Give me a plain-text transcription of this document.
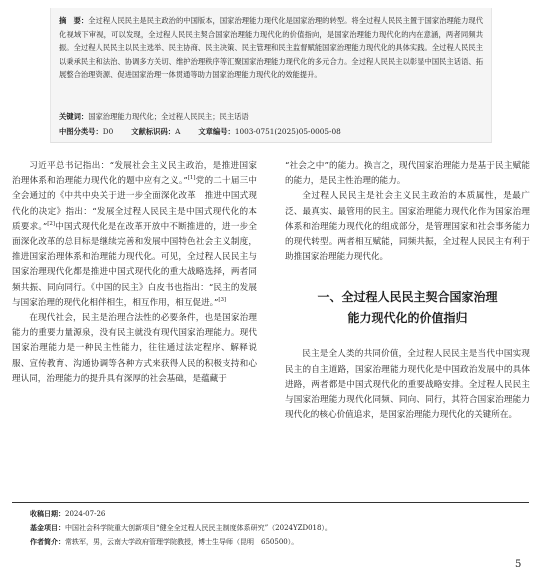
摘　要：全过程人民民主是民主政治的中国版本，国家治理能力现代化是国家治理的转型。将全过程人民民主置于国家治理能力现代化视域下审视，可以发现，全过程人民民主契合国家治理能力现代化的价值指向，是国家治理能力现代化的内在意涵，两者同频共振。全过程人民民主以民主选举、民主协商、民主决策、民主管理和民主监督赋能国家治理能力现代化的具体实践。全过程人民民主以秉承民主和法治、协调多方关切、维护治理秩序等汇聚国家治理能力现代化的多元合力。全过程人民民主以彰显中国民主话语、拓展整合治理资源、促进国家治理一体贯通等助力国家治理能力现代化的效能提升。

关键词：国家治理能力现代化；全过程人民民主；民主话语

中图分类号：D0 文献标识码：A 文章编号：1003-0751(2025)05-0005-08

习近平总书记指出：“发展社会主义民主政治，是推进国家治理体系和治理能力现代化的题中应有之义。”[1]党的二十届三中全会通过的《中共中央关于进一步全面深化改革　推进中国式现代化的决定》指出：“发展全过程人民民主是中国式现代化的本质要求。”[2]中国式现代化是在改革开放中不断推进的，进一步全面深化改革的总目标是继续完善和发展中国特色社会主义制度，推进国家治理体系和治理能力现代化。可见，全过程人民民主与国家治理现代化都是推进中国式现代化的重大战略选择，两者同频共振、同向同行。《中国的民主》白皮书也指出：“民主的发展与国家治理的现代化相伴相生，相互作用，相互促进。”[3]

在现代社会，民主是治理合法性的必要条件，也是国家治理能力的重要力量源泉，没有民主就没有现代国家治理能力。现代国家治理能力是一种民主性能力，往往通过法定程序、解释说服、宣传教育、沟通协调等各种方式来获得人民的积极支持和心理认同，治理能力的提升具有深厚的社会基础，是蕴藏于

“社会之中”的能力。换言之，现代国家治理能力是基于民主赋能的能力，是民主性治理的能力。

全过程人民民主是社会主义民主政治的本质属性，是最广泛、最真实、最管用的民主。国家治理能力现代化作为国家治理体系和治理能力现代化的组成部分，是管理国家和社会事务能力的现代转型。两者相互赋能，同频共振，全过程人民民主有利于助推国家治理能力现代化。

一、全过程人民民主契合国家治理
能力现代化的价值指归

民主是全人类的共同价值，全过程人民民主是当代中国实现民主的自主道路，国家治理能力现代化是中国政治发展中的具体进路，两者都是中国式现代化的重要战略安排。全过程人民民主与国家治理能力现代化同频、同向、同行，其符合国家治理能力现代化的核心价值追求，是国家治理能力现代化的关键所在。

收稿日期：2024-07-26

基金项目：中国社会科学院重大创新项目“健全全过程人民民主制度体系研究”（2024YZD018）。

作者简介：常轶军，男，云南大学政府管理学院教授，博士生导师（昆明　650500）。

5
